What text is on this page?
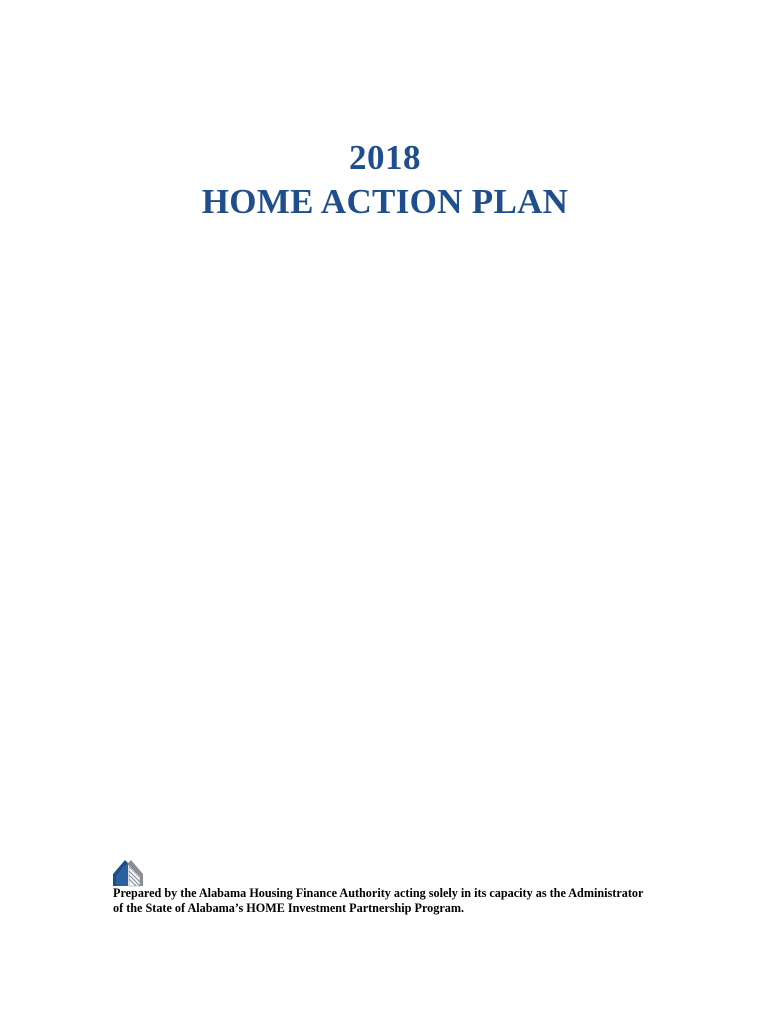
2018
HOME ACTION PLAN
Prepared by the Alabama Housing Finance Authority acting solely in its capacity as the Administrator
of the State of Alabama’s HOME Investment Partnership Program.
